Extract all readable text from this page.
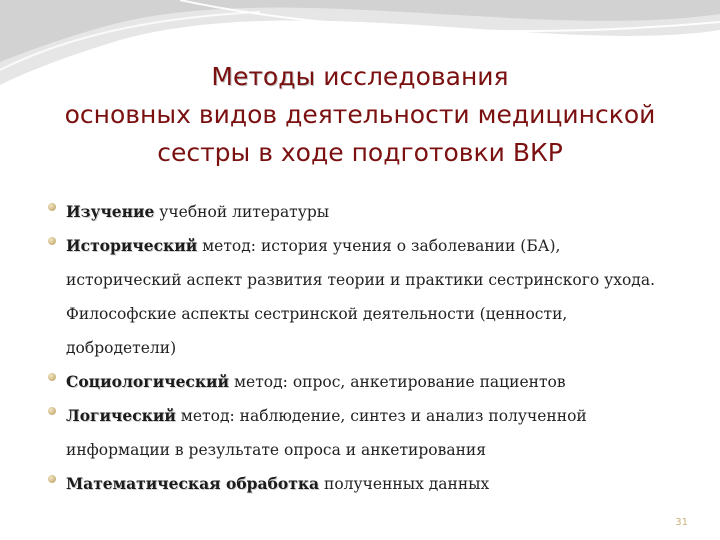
Методы исследования
основных видов деятельности медицинской
сестры в ходе подготовки ВКР
Изучение учебной литературы
Исторический метод: история учения о заболевании (БА),
исторический аспект развития теории и практики сестринского ухода.
Философские аспекты сестринской деятельности (ценности,
добродетели)
Социологический метод: опрос, анкетирование пациентов
Логический метод: наблюдение, синтез и анализ полученной
информации в результате опроса и анкетирования
Математическая обработка полученных данных
31
